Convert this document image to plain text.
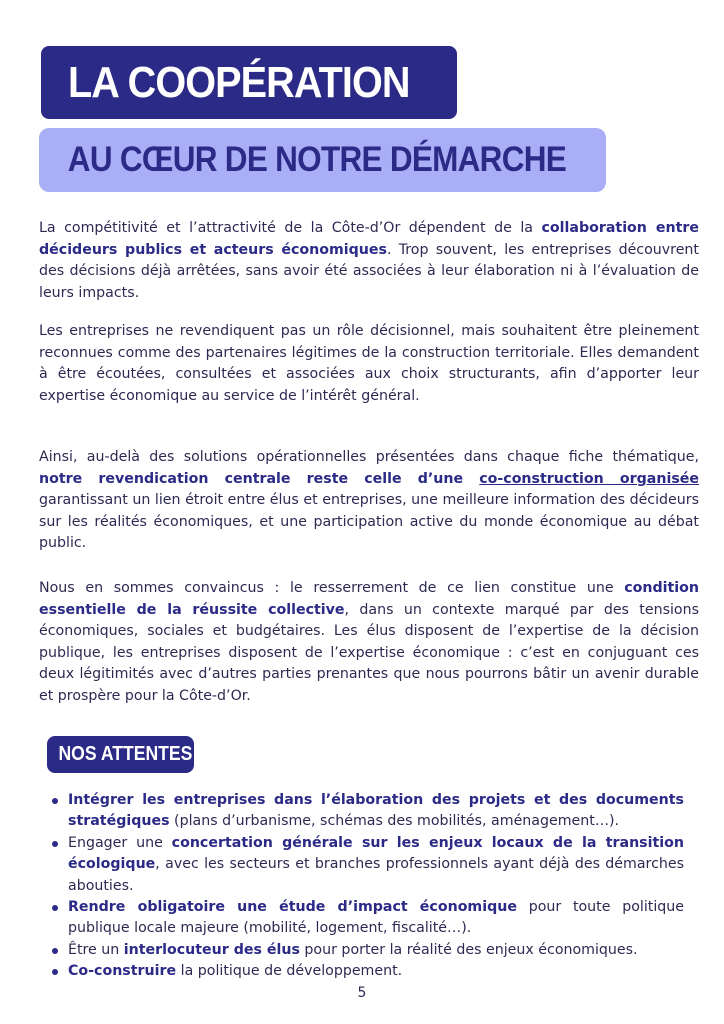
LA COOPÉRATION
AU CŒUR DE NOTRE DÉMARCHE

La compétitivité et l’attractivité de la Côte-d’Or dépendent de la collaboration entre décideurs publics et acteurs économiques. Trop souvent, les entreprises découvrent des décisions déjà arrêtées, sans avoir été associées à leur élaboration ni à l’évaluation de leurs impacts.

Les entreprises ne revendiquent pas un rôle décisionnel, mais souhaitent être pleinement reconnues comme des partenaires légitimes de la construction territoriale. Elles demandent à être écoutées, consultées et associées aux choix structurants, afin d’apporter leur expertise économique au service de l’intérêt général.

Ainsi, au-delà des solutions opérationnelles présentées dans chaque fiche thématique, notre revendication centrale reste celle d’une co-construction organisée garantissant un lien étroit entre élus et entreprises, une meilleure information des décideurs sur les réalités économiques, et une participation active du monde économique au débat public.

Nous en sommes convaincus : le resserrement de ce lien constitue une condition essentielle de la réussite collective, dans un contexte marqué par des tensions économiques, sociales et budgétaires. Les élus disposent de l’expertise de la décision publique, les entreprises disposent de l’expertise économique : c’est en conjuguant ces deux légitimités avec d’autres parties prenantes que nous pourrons bâtir un avenir durable et prospère pour la Côte-d’Or.

NOS ATTENTES
Intégrer les entreprises dans l’élaboration des projets et des documents stratégiques (plans d’urbanisme, schémas des mobilités, aménagement…).
Engager une concertation générale sur les enjeux locaux de la transition écologique, avec les secteurs et branches professionnels ayant déjà des démarches abouties.
Rendre obligatoire une étude d’impact économique pour toute politique publique locale majeure (mobilité, logement, fiscalité…).
Être un interlocuteur des élus pour porter la réalité des enjeux économiques.
Co-construire la politique de développement.
5
